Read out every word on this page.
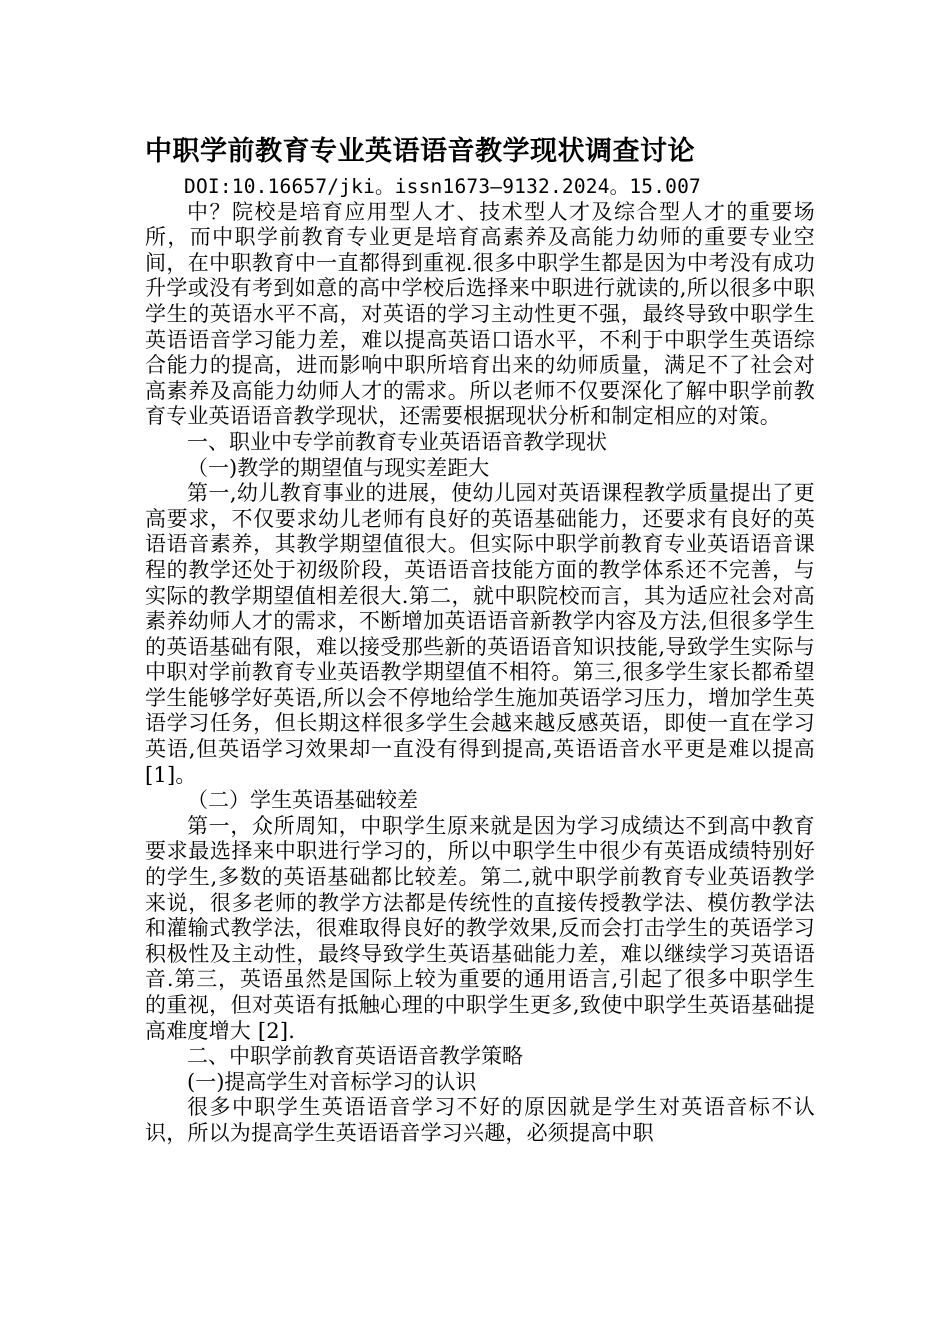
中职学前教育专业英语语音教学现状调查讨论

DOI:10.16657/jki。issn1673—9132.2024。15.007

中？院校是培育应用型人才、技术型人才及综合型人才的重要场所，而中职学前教育专业更是培育高素养及高能力幼师的重要专业空间，在中职教育中一直都得到重视.很多中职学生都是因为中考没有成功升学或没有考到如意的高中学校后选择来中职进行就读的,所以很多中职学生的英语水平不高，对英语的学习主动性更不强，最终导致中职学生英语语音学习能力差，难以提高英语口语水平，不利于中职学生英语综合能力的提高，进而影响中职所培育出来的幼师质量，满足不了社会对高素养及高能力幼师人才的需求。所以老师不仅要深化了解中职学前教育专业英语语音教学现状，还需要根据现状分析和制定相应的对策。

一、职业中专学前教育专业英语语音教学现状

（一)教学的期望值与现实差距大

第一,幼儿教育事业的进展，使幼儿园对英语课程教学质量提出了更高要求，不仅要求幼儿老师有良好的英语基础能力，还要求有良好的英语语音素养，其教学期望值很大。但实际中职学前教育专业英语语音课程的教学还处于初级阶段，英语语音技能方面的教学体系还不完善，与实际的教学期望值相差很大.第二，就中职院校而言，其为适应社会对高素养幼师人才的需求，不断增加英语语音新教学内容及方法,但很多学生的英语基础有限，难以接受那些新的英语语音知识技能,导致学生实际与中职对学前教育专业英语教学期望值不相符。第三,很多学生家长都希望学生能够学好英语,所以会不停地给学生施加英语学习压力，增加学生英语学习任务，但长期这样很多学生会越来越反感英语，即使一直在学习英语,但英语学习效果却一直没有得到提高,英语语音水平更是难以提高[1]。

（二）学生英语基础较差

第一，众所周知，中职学生原来就是因为学习成绩达不到高中教育要求最选择来中职进行学习的，所以中职学生中很少有英语成绩特别好的学生,多数的英语基础都比较差。第二,就中职学前教育专业英语教学来说，很多老师的教学方法都是传统性的直接传授教学法、模仿教学法和灌输式教学法，很难取得良好的教学效果,反而会打击学生的英语学习积极性及主动性，最终导致学生英语基础能力差，难以继续学习英语语音.第三，英语虽然是国际上较为重要的通用语言,引起了很多中职学生的重视，但对英语有抵触心理的中职学生更多,致使中职学生英语基础提高难度增大 [2].

二、中职学前教育英语语音教学策略

(一)提高学生对音标学习的认识

很多中职学生英语语音学习不好的原因就是学生对英语音标不认识，所以为提高学生英语语音学习兴趣，必须提高中职
